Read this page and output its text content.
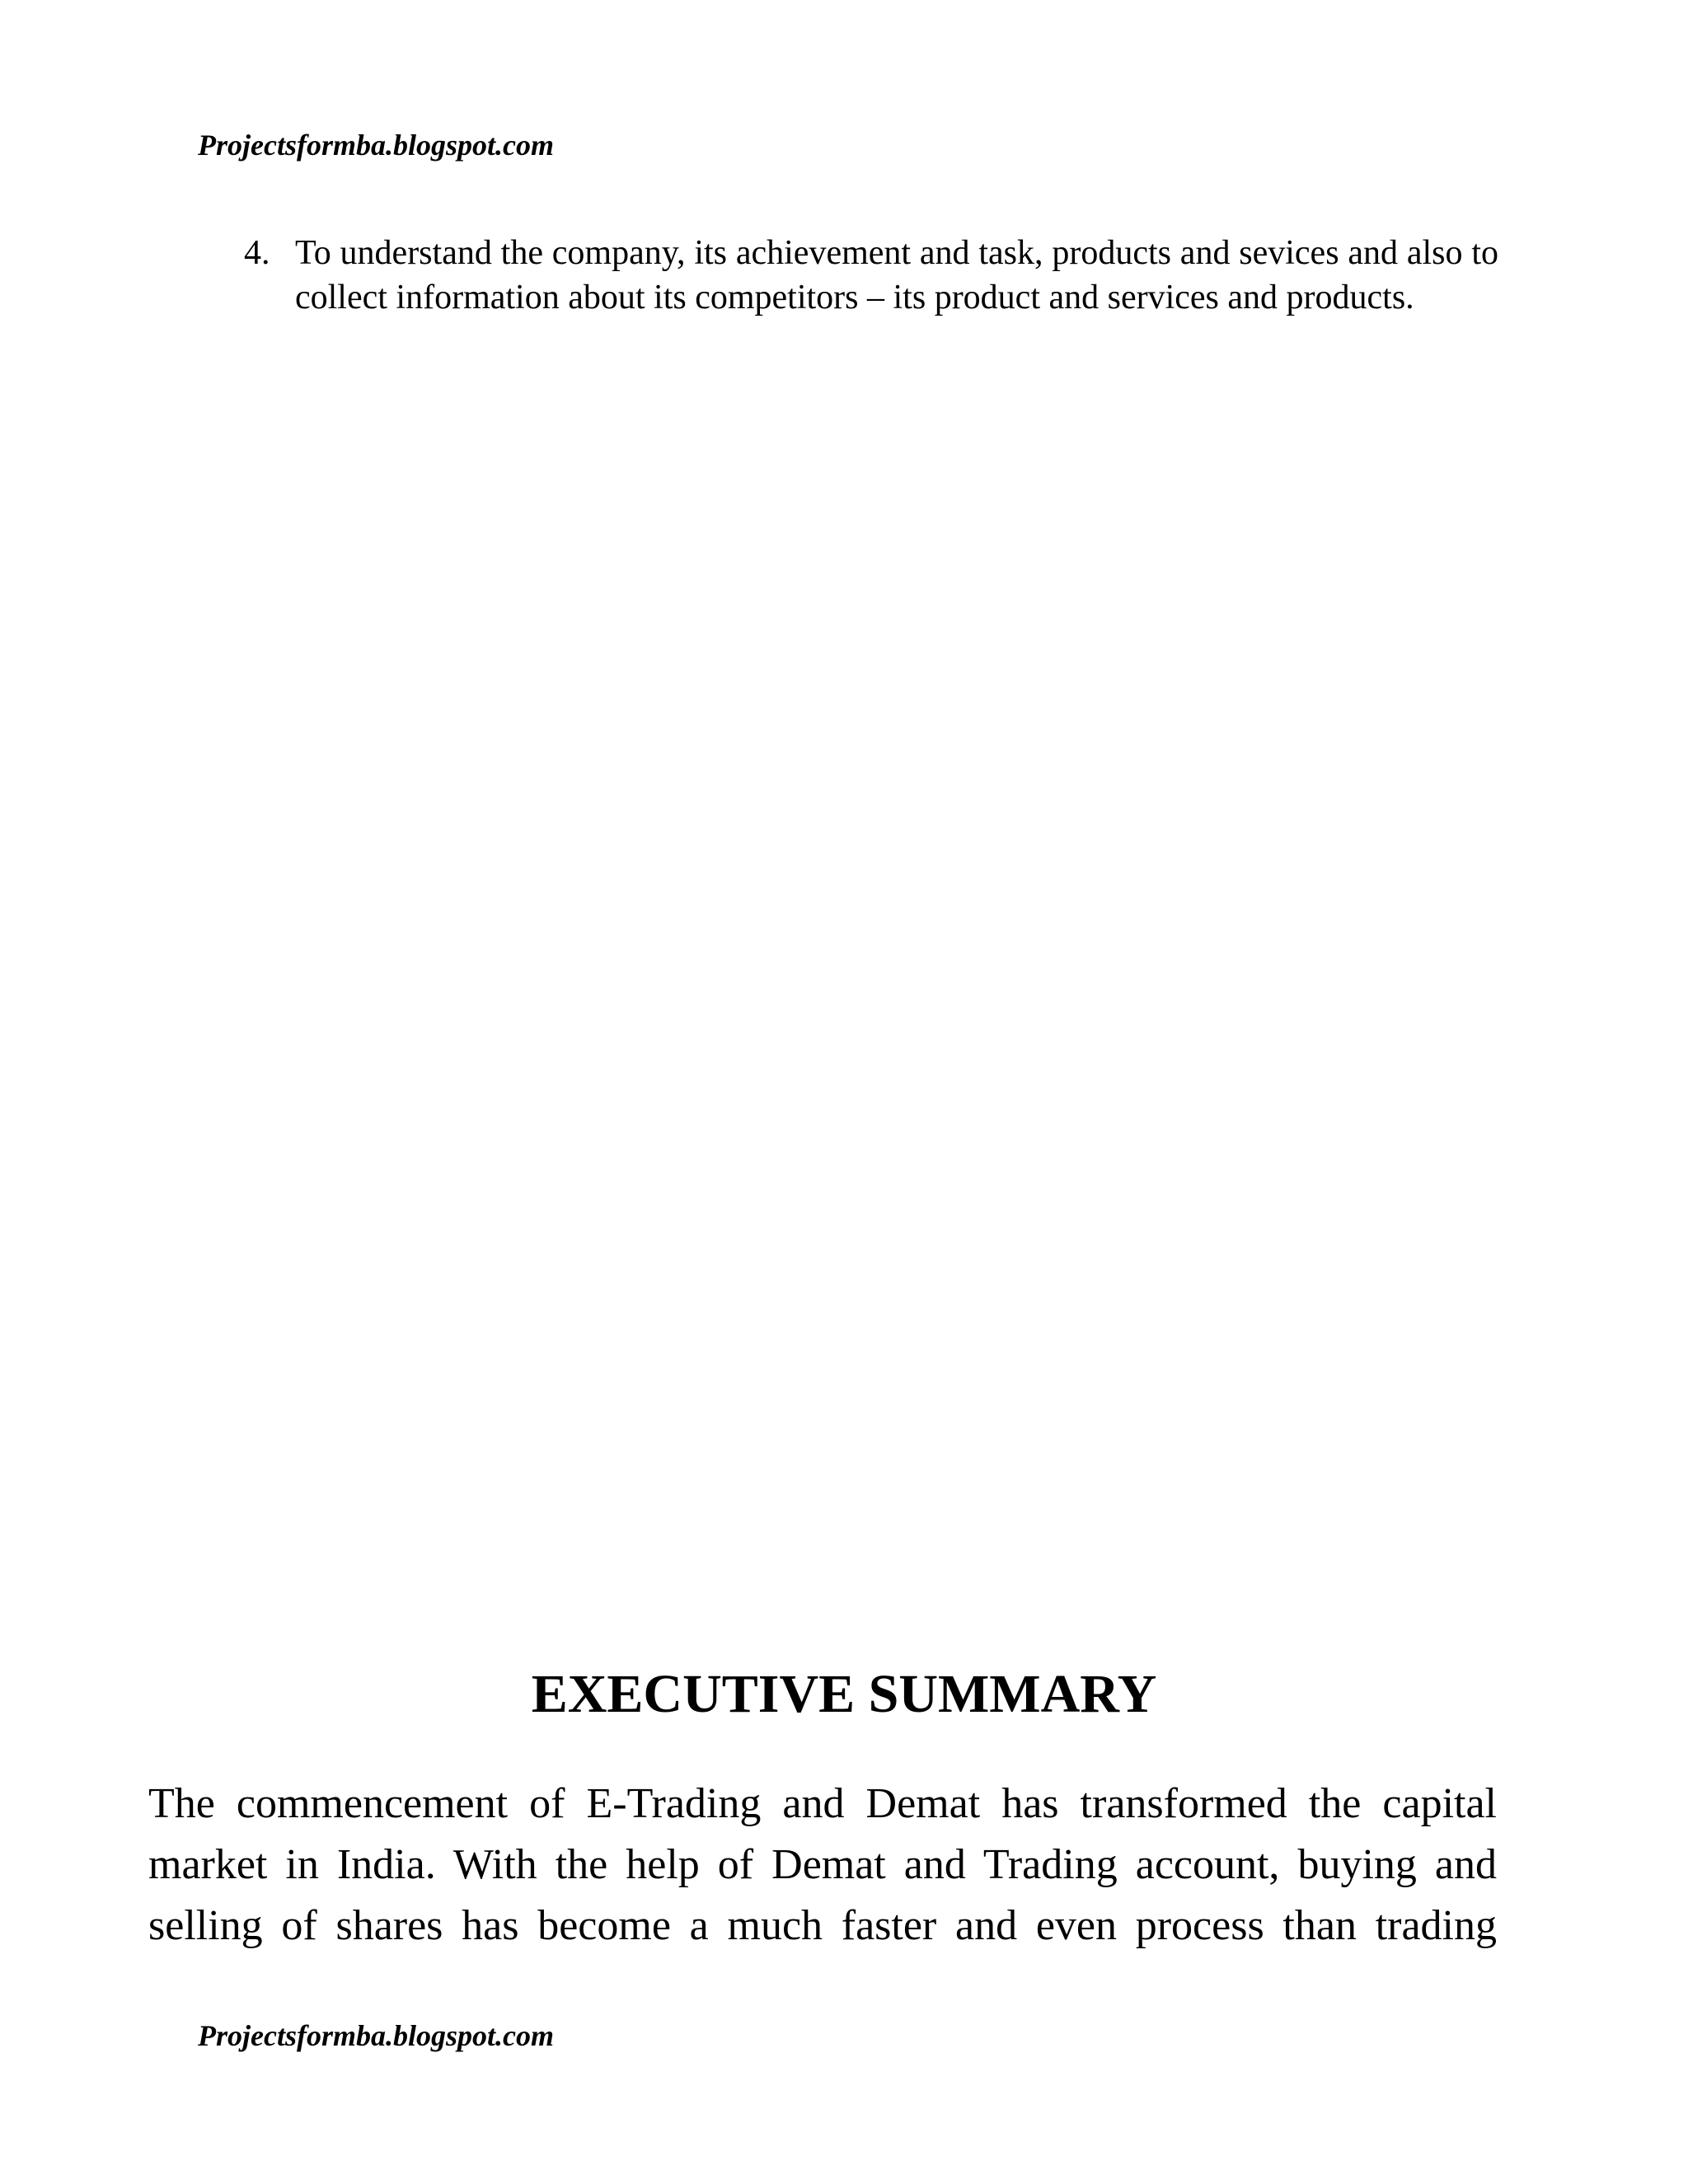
Projectsformba.blogspot.com
4. To understand the company, its achievement and task, products and sevices and also to collect information about its competitors – its product and services and products.
EXECUTIVE SUMMARY
The commencement of E-Trading and Demat has transformed the capital
market in India. With the help of Demat and Trading account, buying and
selling of shares has become a much faster and even process than trading
Projectsformba.blogspot.com
